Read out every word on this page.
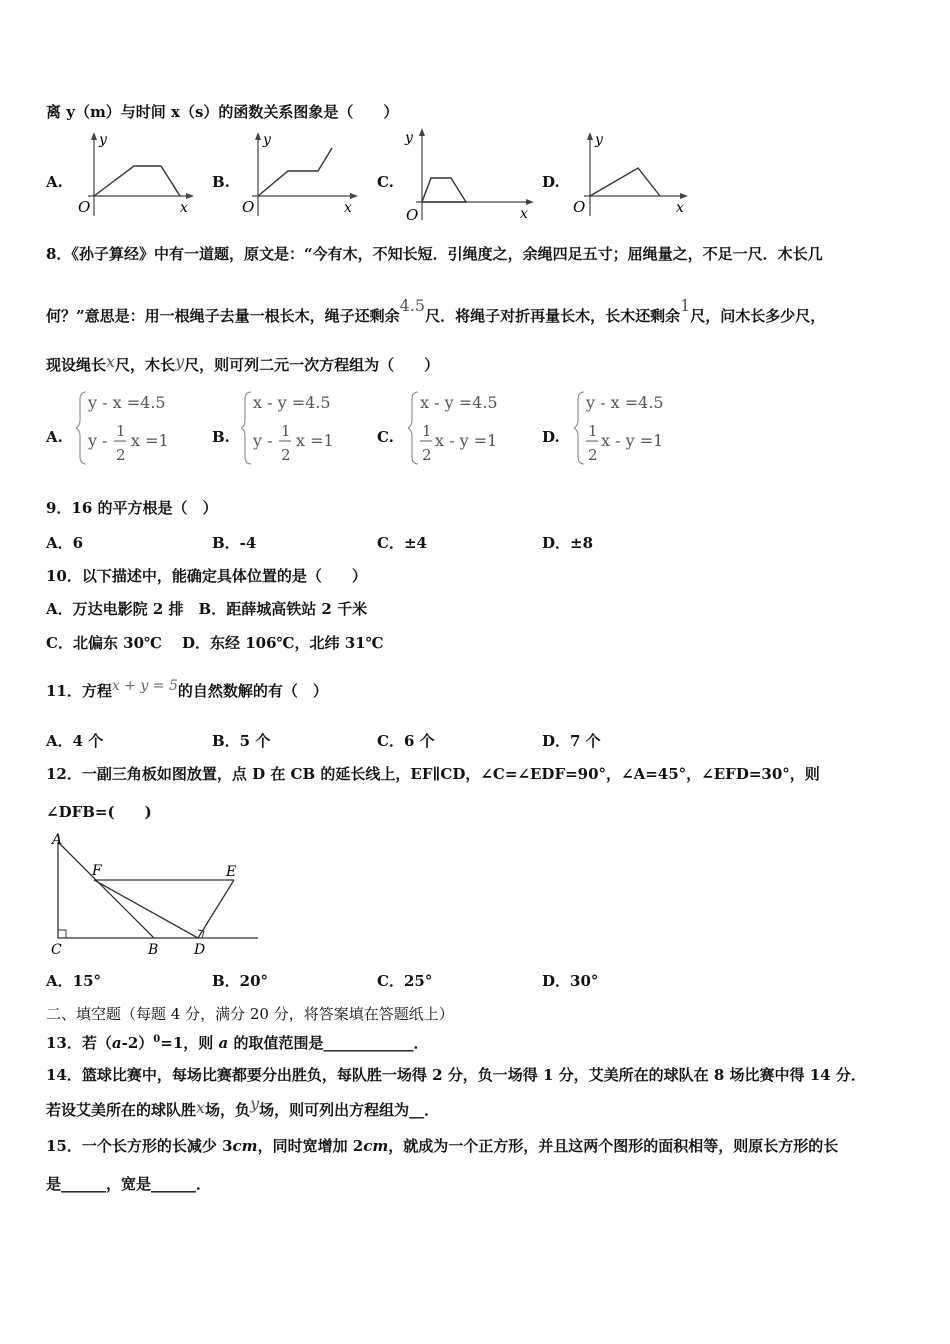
离 y（m）与时间 x（s）的函数关系图象是（　　）
A.
y
O	x
B.
y
O	x
C.
y
O	x
D.
y
O	x
8．《孙子算经》中有一道题，原文是：“今有木，不知长短．引绳度之，余绳四足五寸；屈绳量之，不足一尺．木长几
何？”意思是：用一根绳子去量一根长木，绳子还剩余4.5尺．将绳子对折再量长木，长木还剩余1尺，问木长多少尺，
现设绳长x尺，木长y尺，则可列二元一次方程组为（　　）
A.
y - x =4.5
y - 1
2
x =1	B.
x - y =4.5
y - 1
2
x =1	C.
x - y =4.5
1
2
x - y =1	D.
y - x =4.5
1
2
x - y =1
9．16 的平方根是（　）
A．6	B．-4	C．±4	D．±8
10．以下描述中，能确定具体位置的是（　　）
A．万达电影院 2 排　B．距薛城高铁站 2 千米
C．北偏东 30℃ D．东经 106℃，北纬 31℃
11．方程x + y = 5的自然数解的有（　）
A．4 个	B．5 个	C．6 个	D．7 个
12．一副三角板如图放置，点 D 在 CB 的延长线上，EF∥CD，∠C=∠EDF=90°，∠A=45°，∠EFD=30°，则
∠DFB=(　　)
A
F	E
C	B	D
A．15°	B．20°	C．25°	D．30°
二、填空题（每题 4 分，满分 20 分，将答案填在答题纸上）
13．若$(a-2)^0=1$，则 a 的取值范围是____________．
14．篮球比赛中，每场比赛都要分出胜负，每队胜一场得 2 分，负一场得 1 分，艾美所在的球队在 8 场比赛中得 14 分．
若设艾美所在的球队胜x场，负y场，则可列出方程组为__．
15．一个长方形的长减少 3cm，同时宽增加 2cm，就成为一个正方形，并且这两个图形的面积相等，则原长方形的长
是______，宽是______．
